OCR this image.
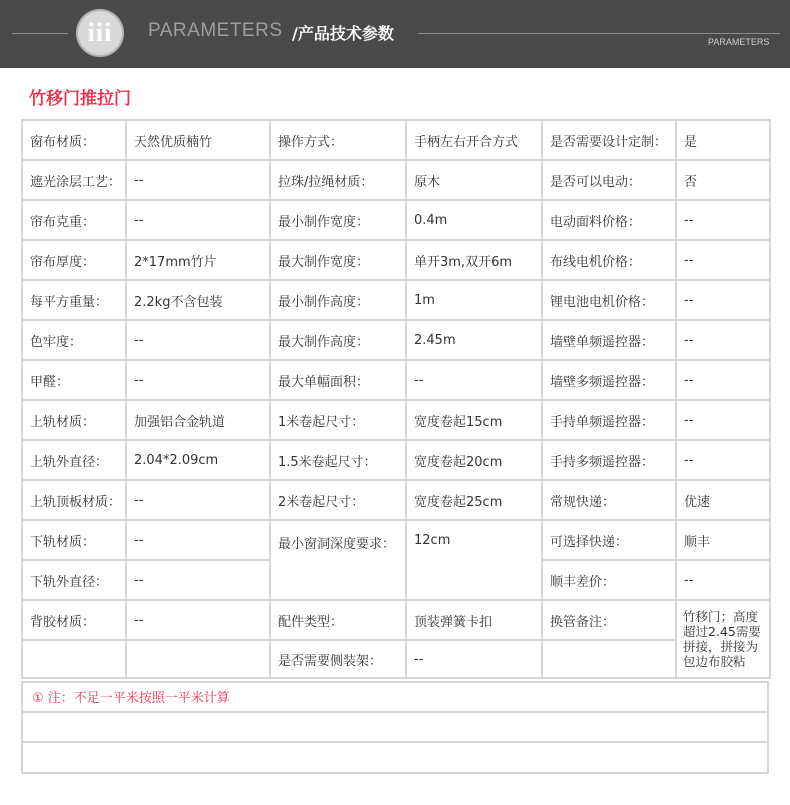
iii PARAMETERS /产品技术参数	PARAMETERS
竹移门推拉门
窗布材质：	天然优质楠竹	操作方式：	手柄左右开合方式	是否需要设计定制：	是
遮光涂层工艺：	--	拉珠/拉绳材质：	原木	是否可以电动：	否
帘布克重：	--	最小制作宽度：	0.4m	电动面料价格：	--
帘布厚度：	2*17mm竹片	最大制作宽度：	单开3m,双开6m	布线电机价格：	--
每平方重量：	2.2kg不含包装	最小制作高度：	1m	锂电池电机价格：	--
色牢度：	--	最大制作高度：	2.45m	墙壁单频遥控器：	--
甲醛：	--	最大单幅面积：	--	墙壁多频遥控器：	--
上轨材质：	加强铝合金轨道	1米卷起尺寸：	宽度卷起15cm	手持单频遥控器：	--
上轨外直径：	2.04*2.09cm	1.5米卷起尺寸：	宽度卷起20cm	手持多频遥控器：	--
上轨顶板材质：	--	2米卷起尺寸：	宽度卷起25cm	常规快递：	优速
下轨材质：	--	最小窗洞深度要求：	12cm	可选择快递：	顺丰
下轨外直径：	--			顺丰差价：	--
背胶材质：	--	配件类型：	顶装弹簧卡扣	换管备注：	竹移门；高度超过2.45需要拼接，拼接为包边布胶粘
		是否需要侧装架：	--		
① 注：不足一平米按照一平米计算
